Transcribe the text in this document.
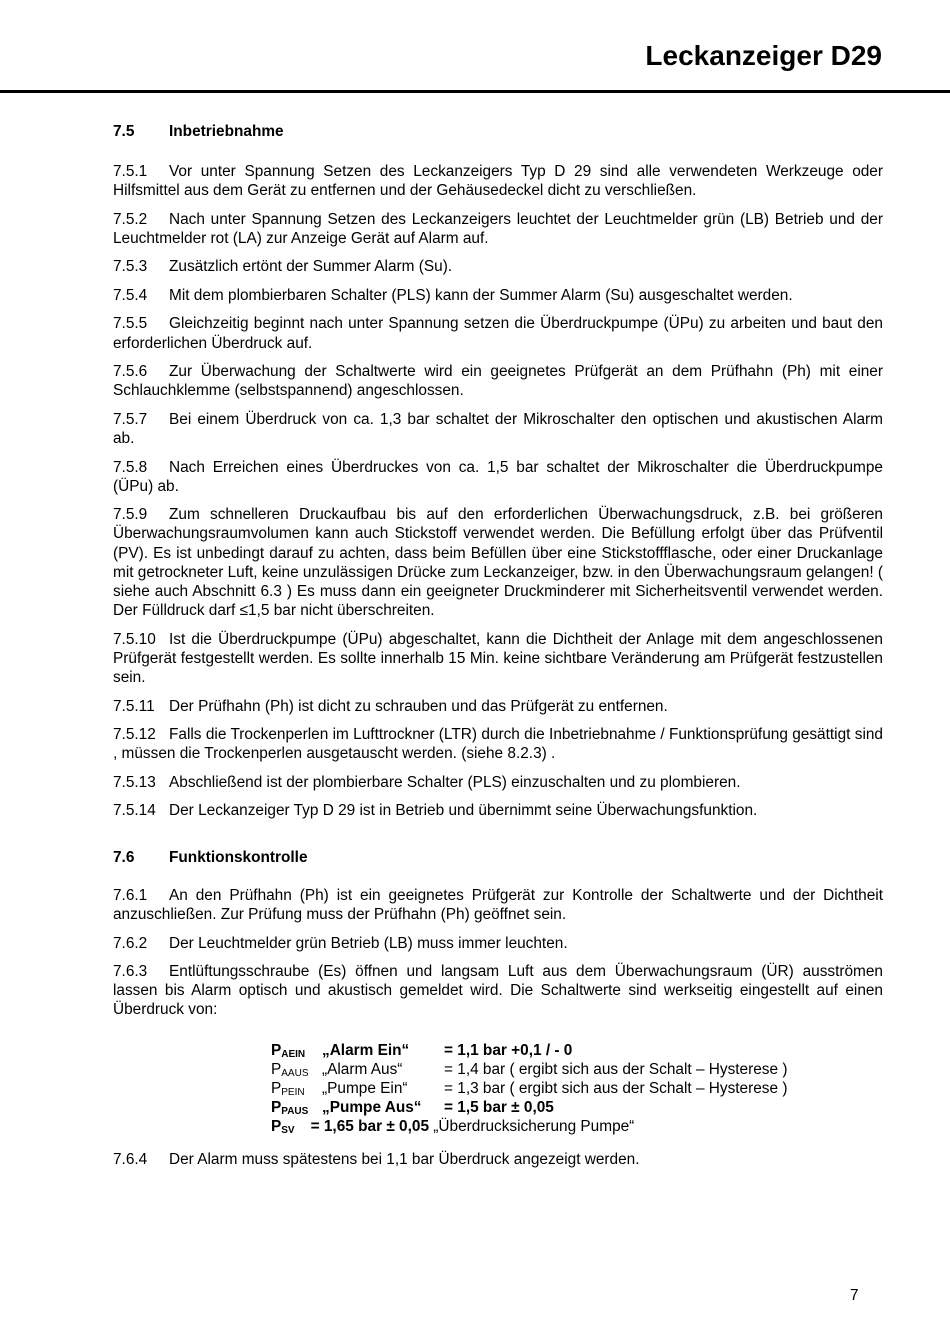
Leckanzeiger D29
7.5 Inbetriebnahme

7.5.1 Vor unter Spannung Setzen des Leckanzeigers Typ D 29 sind alle verwendeten Werkzeuge oder Hilfsmittel aus dem Gerät zu entfernen und der Gehäusedeckel dicht zu verschließen.

7.5.2 Nach unter Spannung Setzen des Leckanzeigers leuchtet der Leuchtmelder grün (LB) Betrieb und der Leuchtmelder rot (LA) zur Anzeige Gerät auf Alarm auf.

7.5.3 Zusätzlich ertönt der Summer Alarm (Su).

7.5.4 Mit dem plombierbaren Schalter (PLS) kann der Summer Alarm (Su) ausgeschaltet werden.

7.5.5 Gleichzeitig beginnt nach unter Spannung setzen die Überdruckpumpe (ÜPu) zu arbeiten und baut den erforderlichen Überdruck auf.

7.5.6 Zur Überwachung der Schaltwerte wird ein geeignetes Prüfgerät an dem Prüfhahn (Ph) mit einer Schlauchklemme (selbstspannend) angeschlossen.

7.5.7 Bei einem Überdruck von ca. 1,3 bar schaltet der Mikroschalter den optischen und akustischen Alarm ab.

7.5.8 Nach Erreichen eines Überdruckes von ca. 1,5 bar schaltet der Mikroschalter die Überdruckpumpe (ÜPu) ab.

7.5.9 Zum schnelleren Druckaufbau bis auf den erforderlichen Überwachungsdruck, z.B. bei größeren Überwachungsraumvolumen kann auch Stickstoff verwendet werden. Die Befüllung erfolgt über das Prüfventil (PV). Es ist unbedingt darauf zu achten, dass beim Befüllen über eine Stickstoffflasche, oder einer Druckanlage mit getrockneter Luft, keine unzulässigen Drücke zum Leckanzeiger, bzw. in den Überwachungsraum gelangen! ( siehe auch Abschnitt 6.3 ) Es muss dann ein geeigneter Druckminderer mit Sicherheitsventil verwendet werden. Der Fülldruck darf ≤1,5 bar nicht überschreiten.

7.5.10 Ist die Überdruckpumpe (ÜPu) abgeschaltet, kann die Dichtheit der Anlage mit dem angeschlossenen Prüfgerät festgestellt werden. Es sollte innerhalb 15 Min. keine sichtbare Veränderung am Prüfgerät festzustellen sein.

7.5.11 Der Prüfhahn (Ph) ist dicht zu schrauben und das Prüfgerät zu entfernen.

7.5.12 Falls die Trockenperlen im Lufttrockner (LTR) durch die Inbetriebnahme / Funktionsprüfung gesättigt sind , müssen die Trockenperlen ausgetauscht werden. (siehe 8.2.3) .

7.5.13 Abschließend ist der plombierbare Schalter (PLS) einzuschalten und zu plombieren.

7.5.14 Der Leckanzeiger Typ D 29 ist in Betrieb und übernimmt seine Überwachungsfunktion.

7.6 Funktionskontrolle

7.6.1 An den Prüfhahn (Ph) ist ein geeignetes Prüfgerät zur Kontrolle der Schaltwerte und der Dichtheit anzuschließen. Zur Prüfung muss der Prüfhahn (Ph) geöffnet sein.

7.6.2 Der Leuchtmelder grün Betrieb (LB) muss immer leuchten.

7.6.3 Entlüftungsschraube (Es) öffnen und langsam Luft aus dem Überwachungsraum (ÜR) ausströmen lassen bis Alarm optisch und akustisch gemeldet wird. Die Schaltwerte sind werkseitig eingestellt auf einen Überdruck von:

$P_{AEIN}$ „Alarm Ein“ = 1,1 bar +0,1 / - 0
$P_{AAUS}$ „Alarm Aus“	= 1,4 bar ( ergibt sich aus der Schalt – Hysterese )
$P_{PEIN}$ „Pumpe Ein“ = 1,3 bar ( ergibt sich aus der Schalt – Hysterese )
$P_{PAUS}$ „Pumpe Aus“ = 1,5 bar ± 0,05
$P_{SV} = 1,65$ bar ± 0,05 „Überdrucksicherung Pumpe“

7.6.4 Der Alarm muss spätestens bei 1,1 bar Überdruck angezeigt werden.

7
